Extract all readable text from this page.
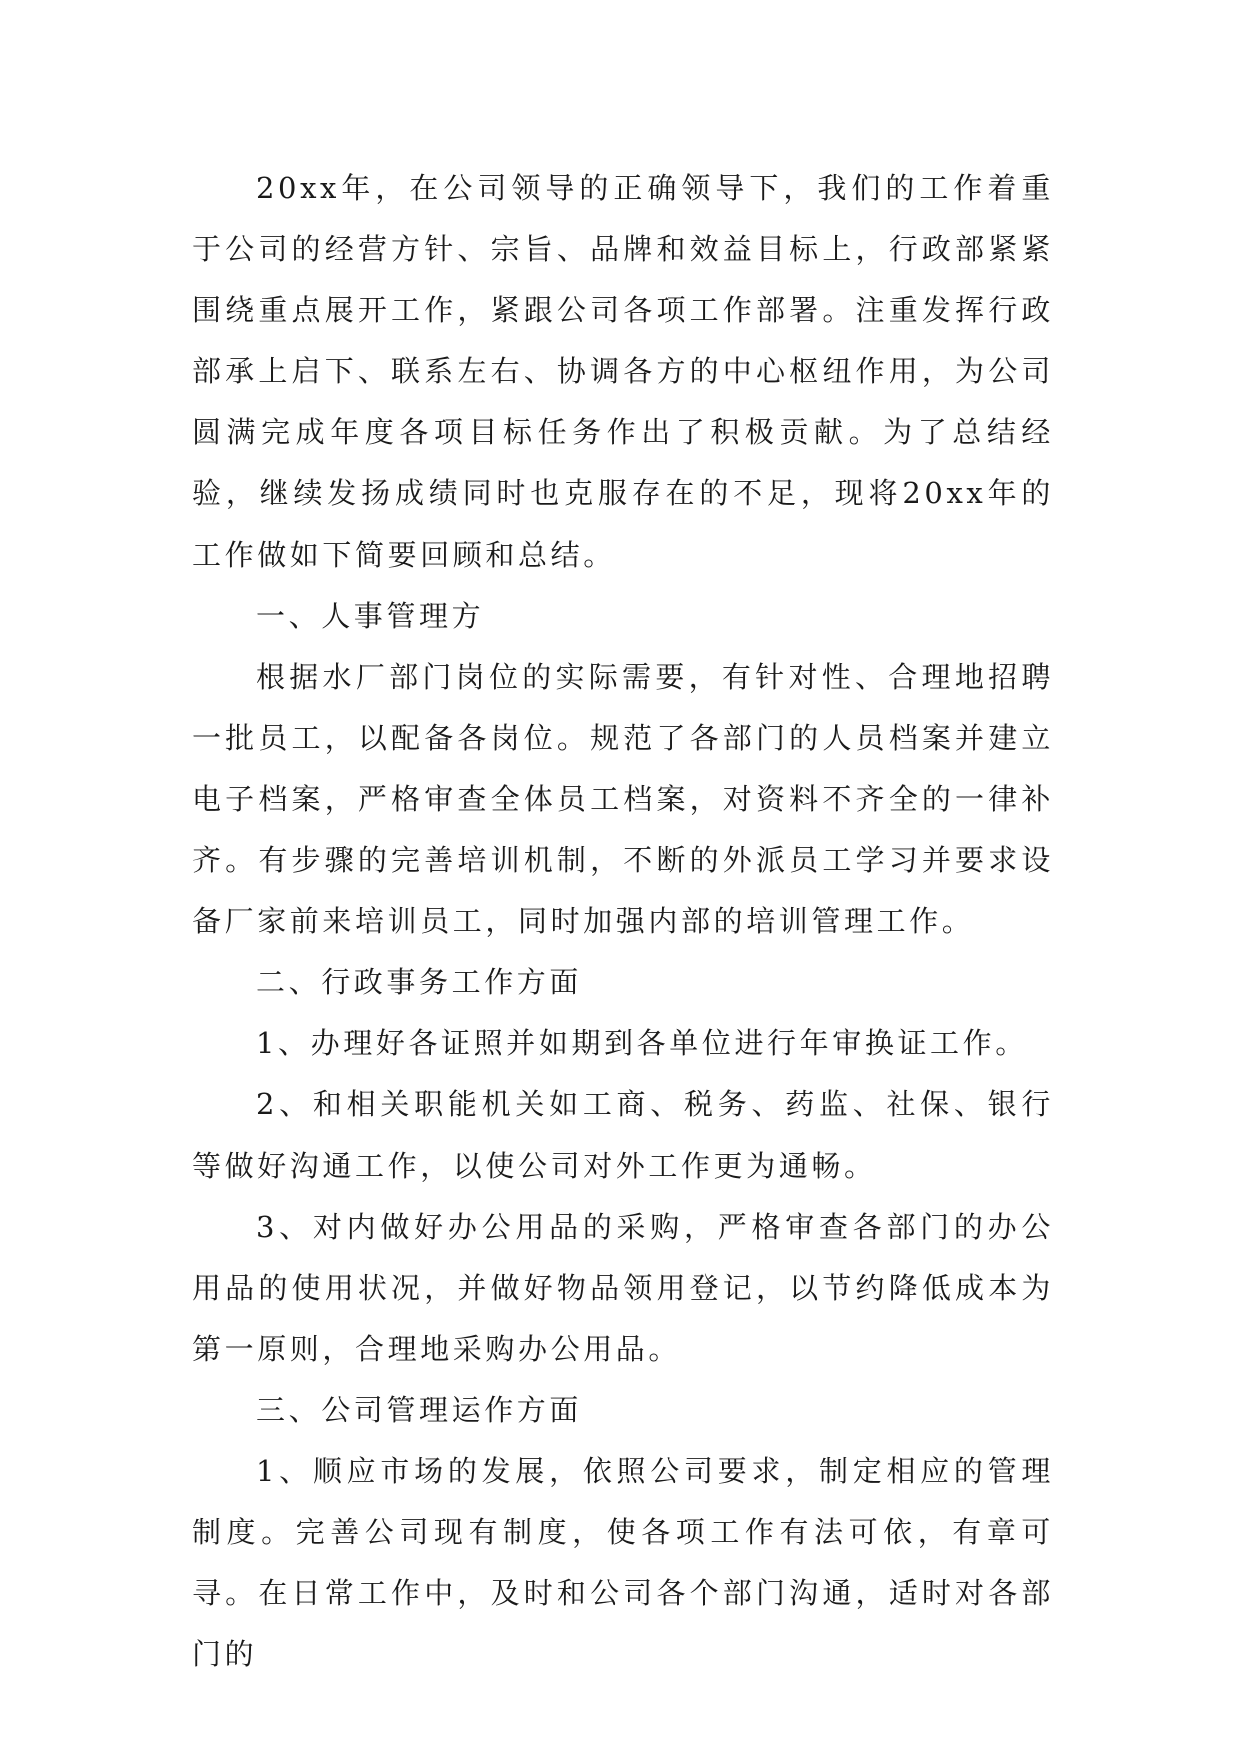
20xx年，在公司领导的正确领导下，我们的工作着重于公司的经营方针、宗旨、品牌和效益目标上，行政部紧紧围绕重点展开工作，紧跟公司各项工作部署。注重发挥行政部承上启下、联系左右、协调各方的中心枢纽作用，为公司圆满完成年度各项目标任务作出了积极贡献。为了总结经验，继续发扬成绩同时也克服存在的不足，现将20xx年的工作做如下简要回顾和总结。

一、人事管理方

根据水厂部门岗位的实际需要，有针对性、合理地招聘一批员工，以配备各岗位。规范了各部门的人员档案并建立电子档案，严格审查全体员工档案，对资料不齐全的一律补齐。有步骤的完善培训机制，不断的外派员工学习并要求设备厂家前来培训员工，同时加强内部的培训管理工作。

二、行政事务工作方面

1、办理好各证照并如期到各单位进行年审换证工作。

2、和相关职能机关如工商、税务、药监、社保、银行等做好沟通工作，以使公司对外工作更为通畅。

3、对内做好办公用品的采购，严格审查各部门的办公用品的使用状况，并做好物品领用登记，以节约降低成本为第一原则，合理地采购办公用品。

三、公司管理运作方面

1、顺应市场的发展，依照公司要求，制定相应的管理制度。完善公司现有制度，使各项工作有法可依，有章可寻。在日常工作中，及时和公司各个部门沟通，适时对各部门的
